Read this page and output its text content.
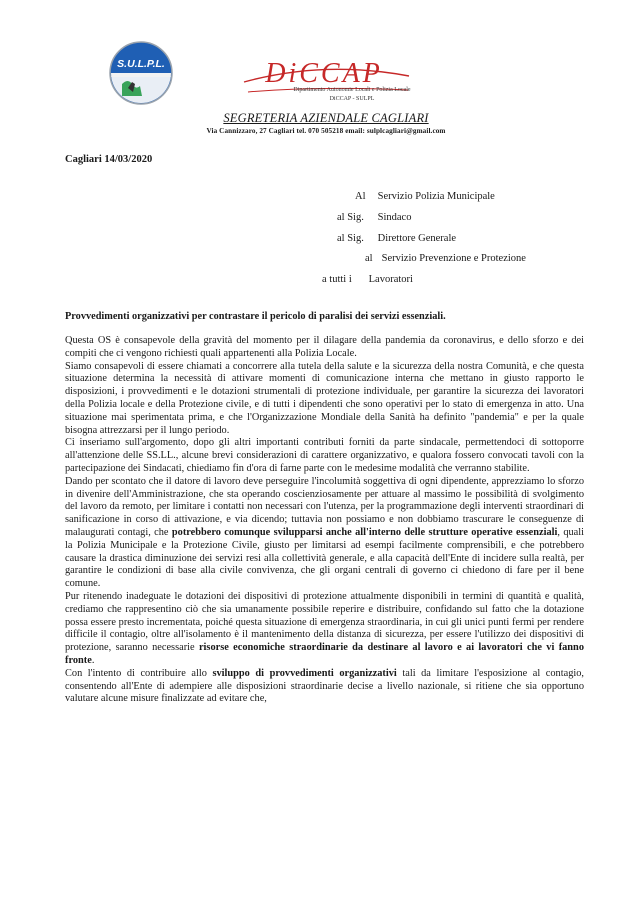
S.U.L.P.L.	DiCCAP
Dipartimento Autonomie Locali e Polizia Locale
DiCCAP - SULPL
SEGRETERIA AZIENDALE CAGLIARI
Via Cannizzaro, 27 Cagliari tel. 070 505218 email: sulplcagliari@gmail.com
Cagliari 14/03/2020
Al Servizio Polizia Municipale
al Sig. Sindaco
al Sig. Direttore Generale
al Servizio Prevenzione e Protezione
a tutti i Lavoratori
Provvedimenti organizzativi per contrastare il pericolo di paralisi dei servizi essenziali.

Questa OS è consapevole della gravità del momento per il dilagare della pandemia da coronavirus, e dello sforzo e dei compiti che ci vengono richiesti quali appartenenti alla Polizia Locale.

Siamo consapevoli di essere chiamati a concorrere alla tutela della salute e la sicurezza della nostra Comunità, e che questa situazione determina la necessità di attivare momenti di comunicazione interna che mettano in giusto rapporto le disposizioni, i provvedimenti e le dotazioni strumentali di protezione individuale, per garantire la sicurezza dei lavoratori della Polizia locale e della Protezione civile, e di tutti i dipendenti che sono operativi per lo stato di emergenza in atto. Una situazione mai sperimentata prima, e che l'Organizzazione Mondiale della Sanità ha definito "pandemia" e per la quale bisogna attrezzarsi per il lungo periodo.

Ci inseriamo sull'argomento, dopo gli altri importanti contributi forniti da parte sindacale, permettendoci di sottoporre all'attenzione delle SS.LL., alcune brevi considerazioni di carattere organizzativo, e qualora fossero convocati tavoli con la partecipazione dei Sindacati, chiediamo fin d'ora di farne parte con le medesime modalità che verranno stabilite.

Dando per scontato che il datore di lavoro deve perseguire l'incolumità soggettiva di ogni dipendente, apprezziamo lo sforzo in divenire dell'Amministrazione, che sta operando coscienziosamente per attuare al massimo le possibilità di svolgimento del lavoro da remoto, per limitare i contatti non necessari con l'utenza, per la programmazione degli interventi straordinari di sanificazione in corso di attivazione, e via dicendo; tuttavia non possiamo e non dobbiamo trascurare le conseguenze di malaugurati contagi, che potrebbero comunque svilupparsi anche all'interno delle strutture operative essenziali, quali la Polizia Municipale e la Protezione Civile, giusto per limitarsi ad esempi facilmente comprensibili, e che potrebbero causare la drastica diminuzione dei servizi resi alla collettività generale, e alla capacità dell'Ente di incidere sulla realtà, per garantire le condizioni di base alla civile convivenza, che gli organi centrali di governo ci chiedono di fare per il bene comune.

Pur ritenendo inadeguate le dotazioni dei dispositivi di protezione attualmente disponibili in termini di quantità e qualità, crediamo che rappresentino ciò che sia umanamente possibile reperire e distribuire, confidando sul fatto che la dotazione possa essere presto incrementata, poiché questa situazione di emergenza straordinaria, in cui gli unici punti fermi per rendere difficile il contagio, oltre all'isolamento è il mantenimento della distanza di sicurezza, per essere l'utilizzo dei dispositivi di protezione, saranno necessarie risorse economiche straordinarie da destinare al lavoro e ai lavoratori che vi fanno fronte.

Con l'intento di contribuire allo sviluppo di provvedimenti organizzativi tali da limitare l'esposizione al contagio, consentendo all'Ente di adempiere alle disposizioni straordinarie decise a livello nazionale, si ritiene che sia opportuno valutare alcune misure finalizzate ad evitare che,
